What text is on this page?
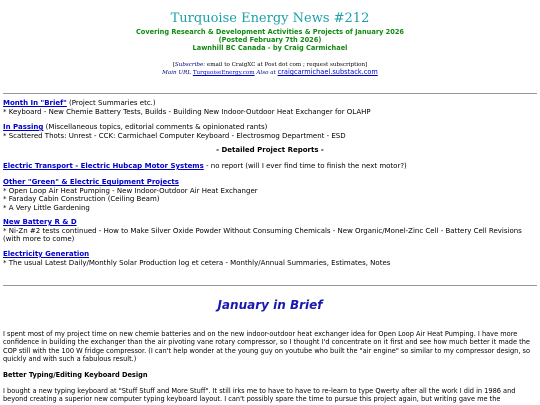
Turquoise Energy News #212
Covering Research & Development Activities & Projects of January 2026
(Posted February 7th 2026)
Lawnhill BC Canada - by Craig Carmichael
[Subscribe: email to CraigXC at Post dot com ; request subscription]
Main URL TurquoiseEnergy.com Also at craigcarmichael.substack.com
Month In "Brief" (Project Summaries etc.)
* Keyboard - New Chemie Battery Tests, Builds - Building New Indoor-Outdoor Heat Exchanger for OLAHP
In Passing (Miscellaneous topics, editorial comments & opinionated rants)
* Scattered Thots: Unrest - CCK: Carmichael Computer Keyboard - Electrosmog Department - ESD
- Detailed Project Reports -
Electric Transport - Electric Hubcap Motor Systems - no report (will I ever find time to finish the next motor?)
Other "Green" & Electric Equipment Projects
* Open Loop Air Heat Pumping - New Indoor-Outdoor Air Heat Exchanger
* Faraday Cabin Construction (Ceiling Beam)
* A Very Little Gardening
New Battery R & D
* Ni-Zn #2 tests continued - How to Make Silver Oxide Powder Without Consuming Chemicals - New Organic/Monel-Zinc Cell - Battery Cell Revisions (with more to come)
Electricity Generation
* The usual Latest Daily/Monthly Solar Production log et cetera - Monthly/Annual Summaries, Estimates, Notes
January in Brief
I spent most of my project time on new chemie batteries and on the new indoor-outdoor heat exchanger idea for Open Loop Air Heat Pumping. I have more confidence in building the exchanger than the air pivoting vane rotary compressor, so I thought I'd concentrate on it first and see how much better it made the COP still with the 100 W fridge compressor. (I can't help wonder at the young guy on youtube who built the "air engine" so similar to my compressor design, so quickly and with such a fabulous result.)
Better Typing/Editing Keyboard Design
I bought a new typing keyboard at "Stuff Stuff and More Stuff". It still irks me to have to have to re-learn to type Qwerty after all the work I did in 1986 and beyond creating a superior new computer typing keyboard layout. I can't possibly spare the time to pursue this project again, but writing gave me the
